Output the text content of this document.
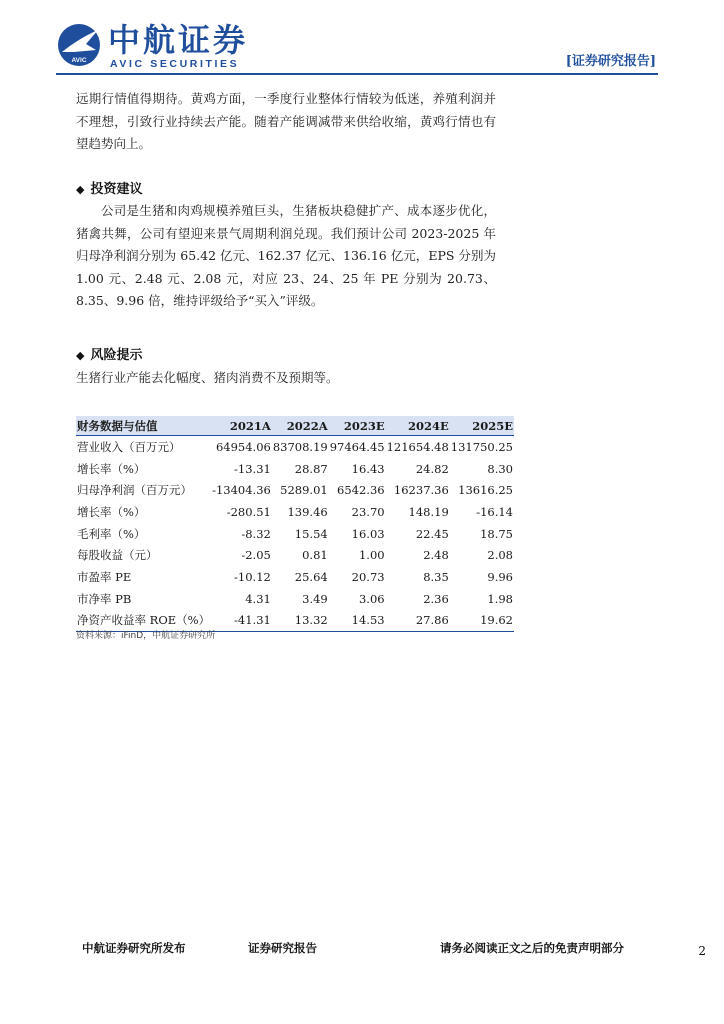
AVIC
中航证券
AVIC SECURITIES	[证券研究报告]

远期行情值得期待。黄鸡方面，一季度行业整体行情较为低迷，养殖利润并不理想，引致行业持续去产能。随着产能调减带来供给收缩，黄鸡行情也有望趋势向上。

◆ 投资建议

公司是生猪和肉鸡规模养殖巨头，生猪板块稳健扩产、成本逐步优化，猪禽共舞，公司有望迎来景气周期利润兑现。我们预计公司 2023-2025 年归母净利润分别为 65.42 亿元、162.37 亿元、136.16 亿元，EPS 分别为 1.00 元、2.48 元、2.08 元，对应 23、24、25 年 PE 分别为 20.73、8.35、9.96 倍，维持评级给予“买入”评级。

◆ 风险提示

生猪行业产能去化幅度、猪肉消费不及预期等。

财务数据与估值	2021A	2022A	2023E	2024E	2025E
营业收入（百万元）	64954.06	83708.19	97464.45	121654.48	131750.25
增长率（%）	-13.31	28.87	16.43	24.82	8.30
归母净利润（百万元）	-13404.36	5289.01	6542.36	16237.36	13616.25
增长率（%）	-280.51	139.46	23.70	148.19	-16.14
毛利率（%）	-8.32	15.54	16.03	22.45	18.75
每股收益（元）	-2.05	0.81	1.00	2.48	2.08
市盈率 PE	-10.12	25.64	20.73	8.35	9.96
市净率 PB	4.31	3.49	3.06	2.36	1.98
净资产收益率 ROE（%）	-41.31	13.32	14.53	27.86	19.62
资料来源：iFinD，中航证券研究所
中航证券研究所发布	证券研究报告	请务必阅读正文之后的免责声明部分	2
